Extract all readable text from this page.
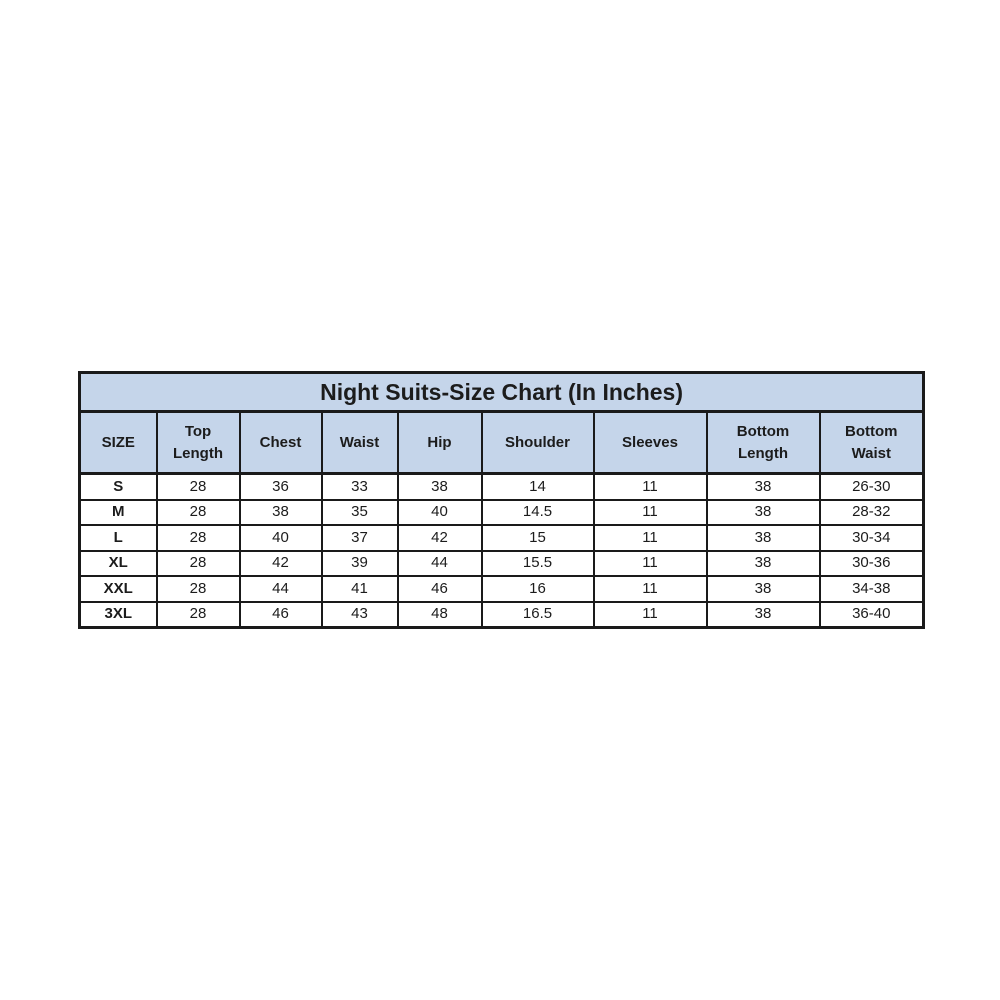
Night Suits-Size Chart (In Inches)								
SIZE	Top Length	Chest	Waist	Hip	Shoulder	Sleeves	Bottom Length	Bottom Waist
S	28	36	33	38	14	11	38	26-30
M	28	38	35	40	14.5	11	38	28-32
L	28	40	37	42	15	11	38	30-34
XL	28	42	39	44	15.5	11	38	30-36
XXL	28	44	41	46	16	11	38	34-38
3XL	28	46	43	48	16.5	11	38	36-40
